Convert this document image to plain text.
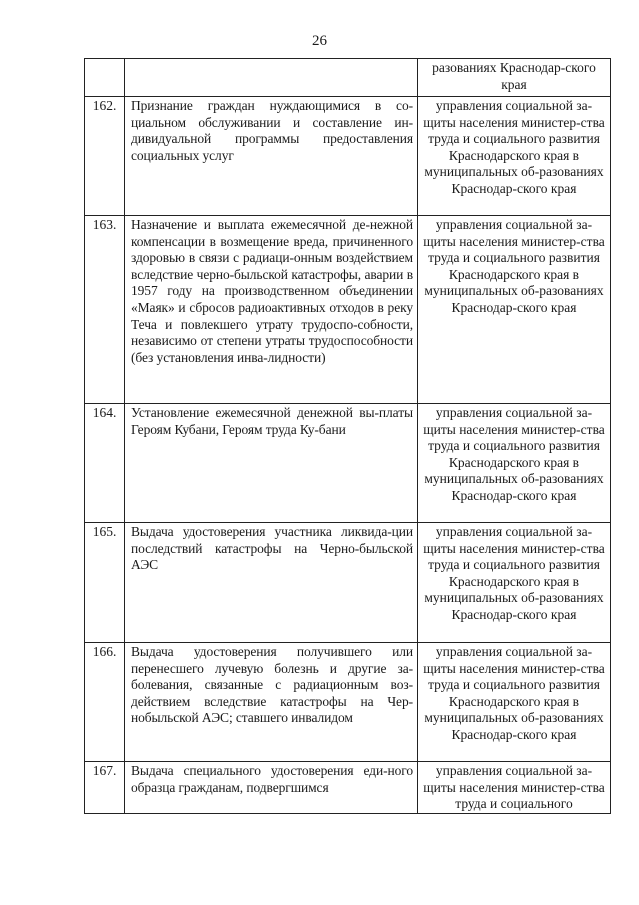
26
		разованиях Краснодар-ского края
162.	Признание граждан нуждающимися в со-циальном обслуживании и составление ин-дивидуальной программы предоставления социальных услуг	управления социальной за-щиты населения министер-ства труда и социального развития Краснодарского края в муниципальных об-разованиях Краснодар-ского края
163.	Назначение и выплата ежемесячной де-нежной компенсации в возмещение вреда, причиненного здоровью в связи с радиаци-онным воздействием вследствие черно-быльской катастрофы, аварии в 1957 году на производственном объединении «Маяк» и сбросов радиоактивных отходов в реку Теча и повлекшего утрату трудоспо-собности, независимо от степени утраты трудоспособности (без установления инва-лидности)	управления социальной за-щиты населения министер-ства труда и социального развития Краснодарского края в муниципальных об-разованиях Краснодар-ского края
164.	Установление ежемесячной денежной вы-платы Героям Кубани, Героям труда Ку-бани	управления социальной за-щиты населения министер-ства труда и социального развития Краснодарского края в муниципальных об-разованиях Краснодар-ского края
165.	Выдача удостоверения участника ликвида-ции последствий катастрофы на Черно-быльской АЭС	управления социальной за-щиты населения министер-ства труда и социального развития Краснодарского края в муниципальных об-разованиях Краснодар-ского края
166.	Выдача удостоверения получившего или перенесшего лучевую болезнь и другие за-болевания, связанные с радиационным воз-действием вследствие катастрофы на Чер-нобыльской АЭС; ставшего инвалидом	управления социальной за-щиты населения министер-ства труда и социального развития Краснодарского края в муниципальных об-разованиях Краснодар-ского края
167.	Выдача специального удостоверения еди-ного образца гражданам, подвергшимся	управления социальной за-щиты населения министер-ства труда и социального
